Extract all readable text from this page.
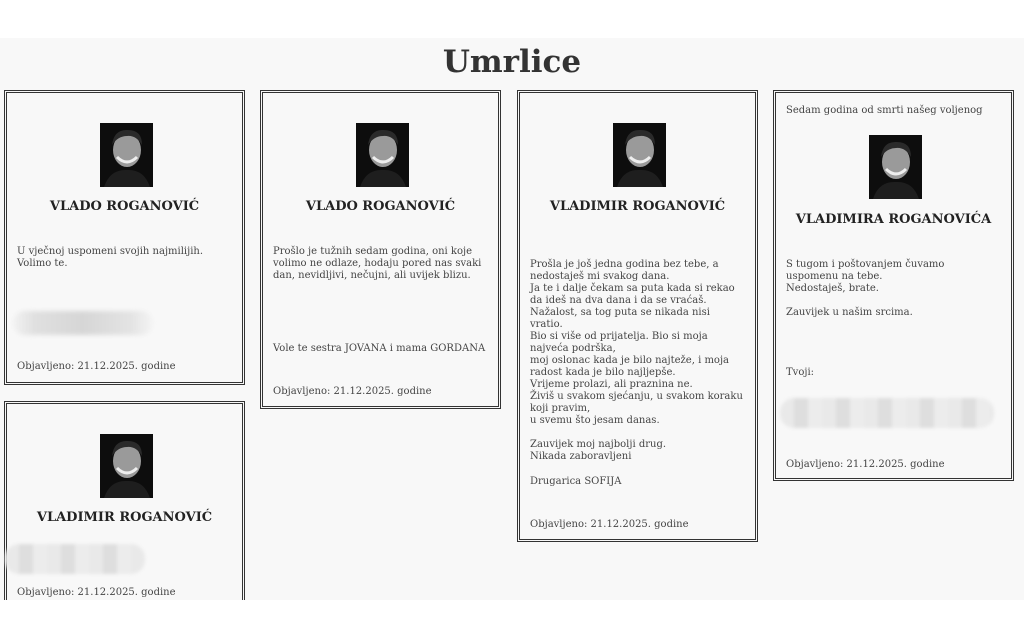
Umrlice
VLADO ROGANOVIĆ
U vječnoj uspomeni svojih najmilijih.
Volimo te.
Objavljeno: 21.12.2025. godine
VLADO ROGANOVIĆ
Prošlo je tužnih sedam godina, oni koje volimo ne odlaze, hodaju pored nas svaki dan, nevidljivi, nečujni, ali uvijek blizu.
Vole te sestra JOVANA i mama GORDANA
Objavljeno: 21.12.2025. godine
VLADIMIR ROGANOVIĆ
Prošla je još jedna godina bez tebe, a nedostaješ mi svakog dana.
Ja te i dalje čekam sa puta kada si rekao da ideš na dva dana i da se vraćaš. Nažalost, sa tog puta se nikada nisi vratio.
Bio si više od prijatelja. Bio si moja najveća podrška,
moj oslonac kada je bilo najteže, i moja radost kada je bilo najljepše.
Vrijeme prolazi, ali praznina ne.
Živiš u svakom sjećanju, u svakom koraku koji pravim,
u svemu što jesam danas.

Zauvijek moj najbolji drug.
Nikada zaboravljeni
Drugarica SOFIJA
Objavljeno: 21.12.2025. godine
Sedam godina od smrti našeg voljenog
VLADIMIRA ROGANOVIĆA
S tugom i poštovanjem čuvamo uspomenu na tebe.
Nedostaješ, brate.

Zauvijek u našim srcima.
Tvoji:
Objavljeno: 21.12.2025. godine
VLADIMIR ROGANOVIĆ
Objavljeno: 21.12.2025. godine
